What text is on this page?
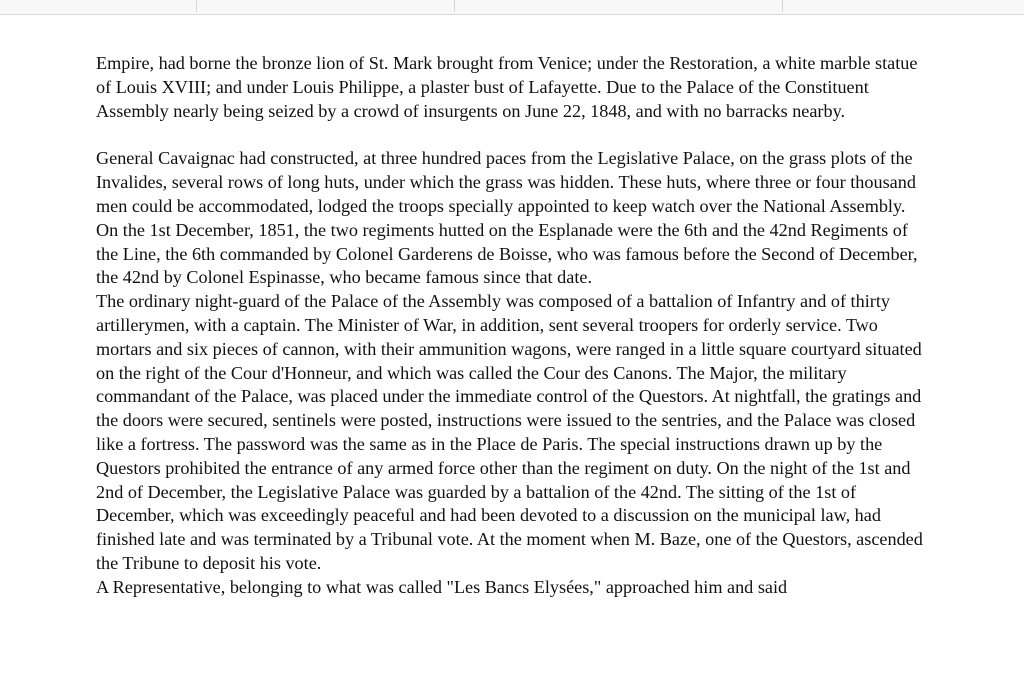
Empire, had borne the bronze lion of St. Mark brought from Venice; under the Restoration, a white marble statue of Louis XVIII; and under Louis Philippe, a plaster bust of Lafayette. Due to the Palace of the Constituent Assembly nearly being seized by a crowd of insurgents on June 22, 1848, and with no barracks nearby.

General Cavaignac had constructed, at three hundred paces from the Legislative Palace, on the grass plots of the Invalides, several rows of long huts, under which the grass was hidden. These huts, where three or four thousand men could be accommodated, lodged the troops specially appointed to keep watch over the National Assembly. On the 1st December, 1851, the two regiments hutted on the Esplanade were the 6th and the 42nd Regiments of the Line, the 6th commanded by Colonel Garderens de Boisse, who was famous before the Second of December, the 42nd by Colonel Espinasse, who became famous since that date.

The ordinary night-guard of the Palace of the Assembly was composed of a battalion of Infantry and of thirty artillerymen, with a captain. The Minister of War, in addition, sent several troopers for orderly service. Two mortars and six pieces of cannon, with their ammunition wagons, were ranged in a little square courtyard situated on the right of the Cour d'Honneur, and which was called the Cour des Canons. The Major, the military commandant of the Palace, was placed under the immediate control of the Questors. At nightfall, the gratings and the doors were secured, sentinels were posted, instructions were issued to the sentries, and the Palace was closed like a fortress. The password was the same as in the Place de Paris. The special instructions drawn up by the Questors prohibited the entrance of any armed force other than the regiment on duty. On the night of the 1st and 2nd of December, the Legislative Palace was guarded by a battalion of the 42nd. The sitting of the 1st of December, which was exceedingly peaceful and had been devoted to a discussion on the municipal law, had finished late and was terminated by a Tribunal vote. At the moment when M. Baze, one of the Questors, ascended the Tribune to deposit his vote.

A Representative, belonging to what was called "Les Bancs Elysées," approached him and said
